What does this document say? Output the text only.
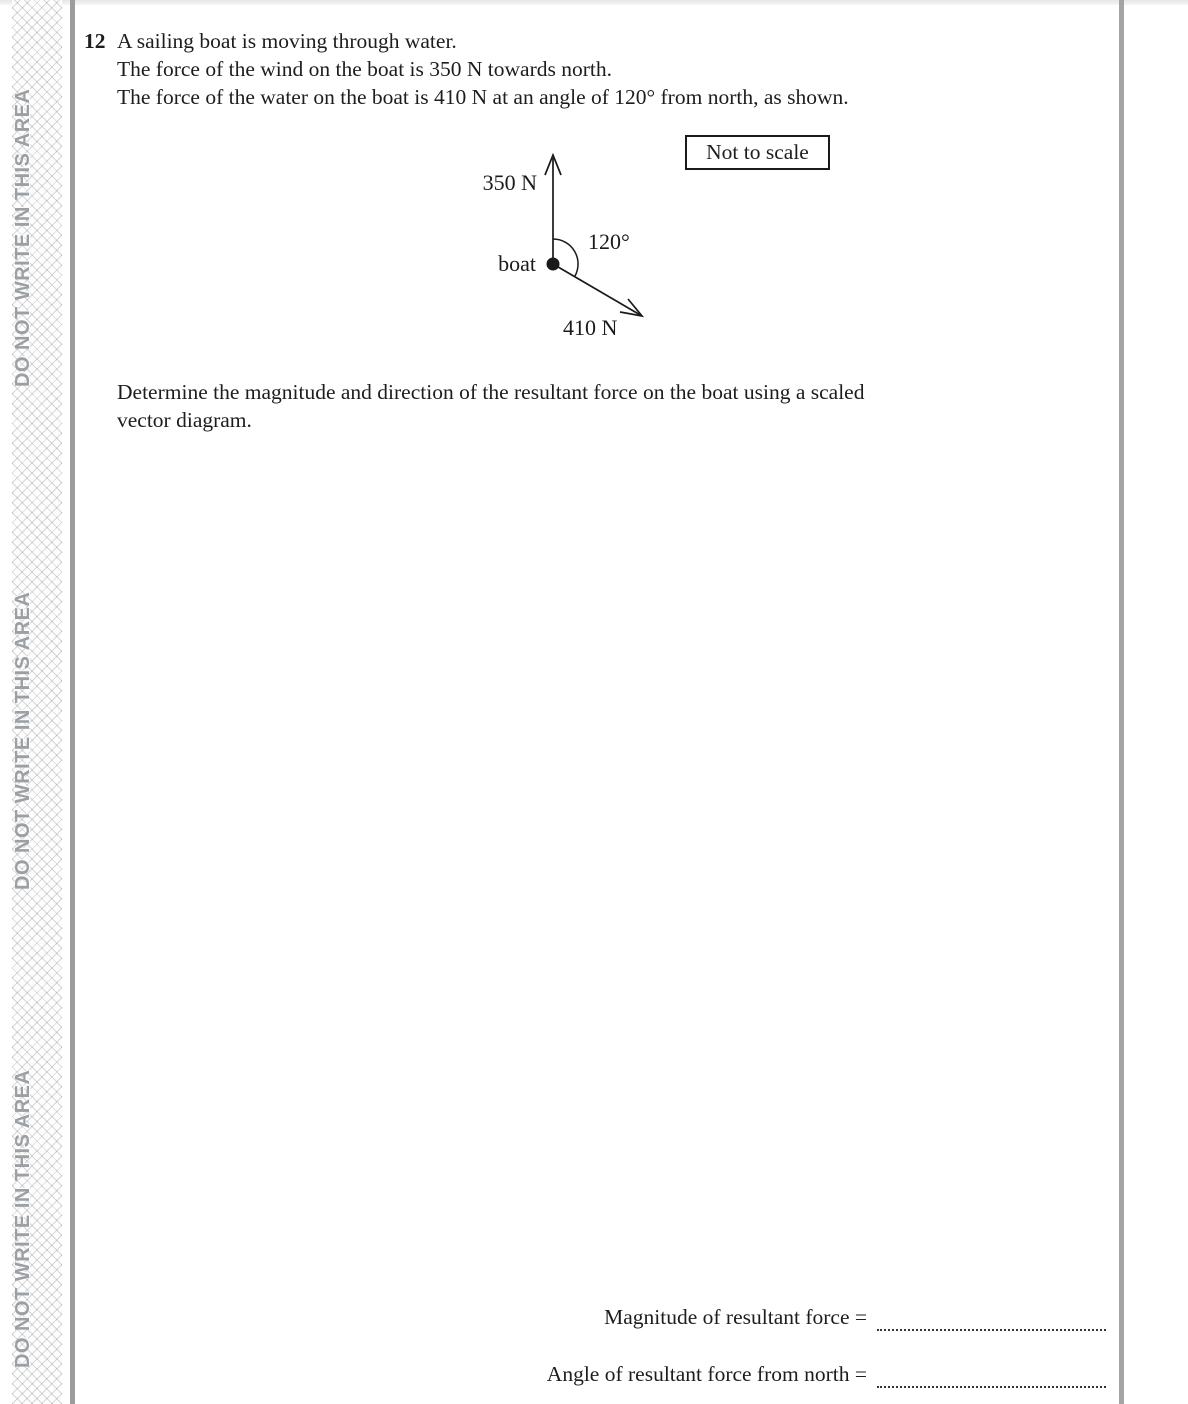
DO NOT WRITE IN THIS AREA
DO NOT WRITE IN THIS AREA
DO NOT WRITE IN THIS AREA
12 A sailing boat is moving through water.
The force of the wind on the boat is 350 N towards north.
The force of the water on the boat is 410 N at an angle of 120° from north, as shown.
350 N
boat
120°
410 N
Not to scale
Determine the magnitude and direction of the resultant force on the boat using a scaled
vector diagram.
Magnitude of resultant force =
Angle of resultant force from north =
